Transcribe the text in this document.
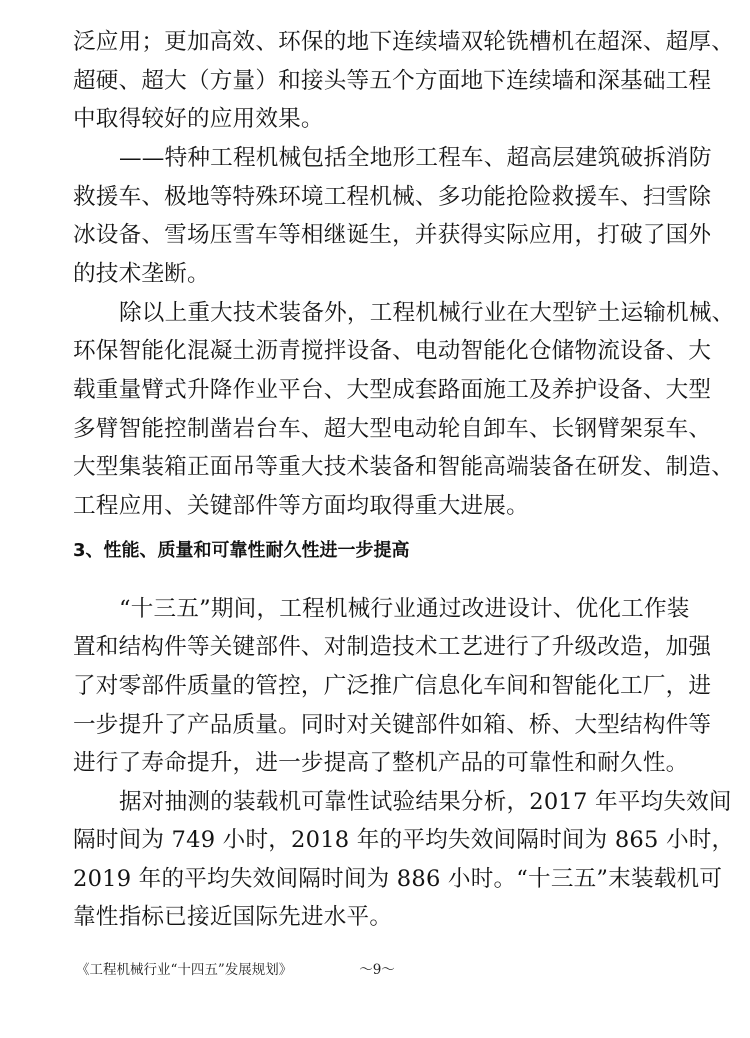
泛应用；更加高效、环保的地下连续墙双轮铣槽机在超深、超厚、
超硬、超大（方量）和接头等五个方面地下连续墙和深基础工程
中取得较好的应用效果。
——特种工程机械包括全地形工程车、超高层建筑破拆消防
救援车、极地等特殊环境工程机械、多功能抢险救援车、扫雪除
冰设备、雪场压雪车等相继诞生，并获得实际应用，打破了国外
的技术垄断。
除以上重大技术装备外，工程机械行业在大型铲土运输机械、
环保智能化混凝土沥青搅拌设备、电动智能化仓储物流设备、大
载重量臂式升降作业平台、大型成套路面施工及养护设备、大型
多臂智能控制凿岩台车、超大型电动轮自卸车、长钢臂架泵车、
大型集装箱正面吊等重大技术装备和智能高端装备在研发、制造、
工程应用、关键部件等方面均取得重大进展。
3、性能、质量和可靠性耐久性进一步提高
“十三五”期间，工程机械行业通过改进设计、优化工作装
置和结构件等关键部件、对制造技术工艺进行了升级改造，加强
了对零部件质量的管控，广泛推广信息化车间和智能化工厂，进
一步提升了产品质量。同时对关键部件如箱、桥、大型结构件等
进行了寿命提升，进一步提高了整机产品的可靠性和耐久性。
据对抽测的装载机可靠性试验结果分析，2017 年平均失效间
隔时间为 749 小时，2018 年的平均失效间隔时间为 865 小时，
2019 年的平均失效间隔时间为 886 小时。“十三五”末装载机可
靠性指标已接近国际先进水平。
《工程机械行业“十四五”发展规划》	～9～
